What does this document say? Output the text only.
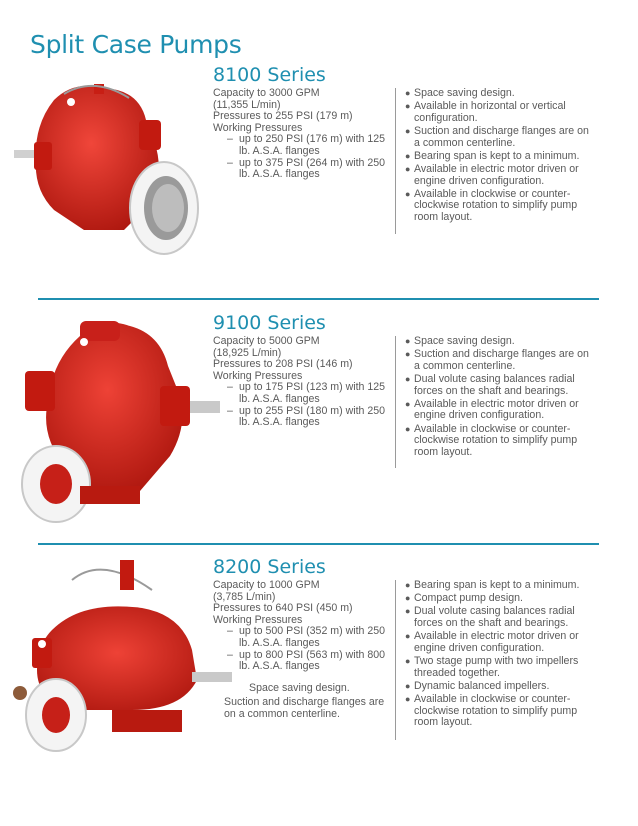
Split Case Pumps
8100 Series
Capacity to 3000 GPM
(11,355 L/min)
Pressures to 255 PSI (179 m)
Working Pressures
– up to 250 PSI (176 m) with 125 lb. A.S.A. flanges
– up to 375 PSI (264 m) with 250 lb. A.S.A. flanges
● Space saving design.
● Available in horizontal or vertical configuration.
● Suction and discharge flanges are on a common centerline.
● Bearing span is kept to a minimum.
● Available in electric motor driven or engine driven configuration.
● Available in clockwise or counter-clockwise rotation to simplify pump room layout.
9100 Series
Capacity to 5000 GPM
(18,925 L/min)
Pressures to 208 PSI (146 m)
Working Pressures
– up to 175 PSI (123 m) with 125 lb. A.S.A. flanges
– up to 255 PSI (180 m) with 250 lb. A.S.A. flanges
● Space saving design.
● Suction and discharge flanges are on a common centerline.
● Dual volute casing balances radial forces on the shaft and bearings.
● Available in electric motor driven or engine driven configuration.
● Available in clockwise or counter-clockwise rotation to simplify pump room layout.
8200 Series
Capacity to 1000 GPM
(3,785 L/min)
Pressures to 640 PSI (450 m)
Working Pressures
– up to 500 PSI (352 m) with 250 lb. A.S.A. flanges
– up to 800 PSI (563 m) with 800 lb. A.S.A. flanges
Space saving design.
Suction and discharge flanges are on a common centerline.
● Bearing span is kept to a minimum.
● Compact pump design.
● Dual volute casing balances radial forces on the shaft and bearings.
● Available in electric motor driven or engine driven configuration.
● Two stage pump with two impellers threaded together.
● Dynamic balanced impellers.
● Available in clockwise or counter-clockwise rotation to simplify pump room layout.
